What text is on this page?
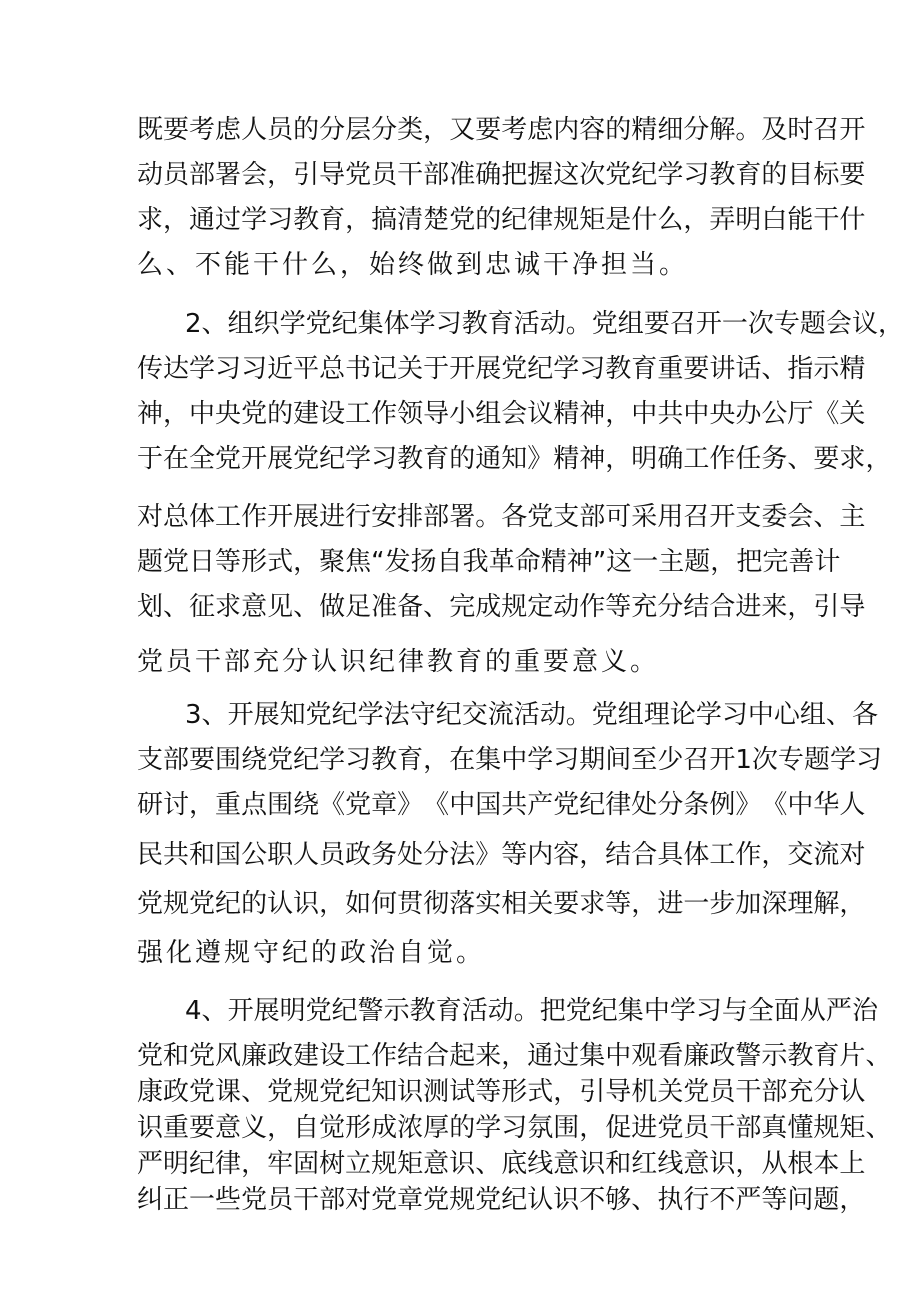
既 要 考 虑 人 员 的 分 层 分 类 ， 又 要 考 虑 内 容 的 精 细 分 解 。 及 时 召 开
动 员 部 署 会 ， 引 导 党 员 干 部 准 确 把 握 这 次 党 纪 学 习 教 育 的 目 标 要
求 ， 通 过 学 习 教 育 ， 搞 清 楚 党 的 纪 律 规 矩 是 什 么 ， 弄 明 白 能 干 什
么、不能干什么，始终做到忠诚干净担当。
2 、 组 织 学 党 纪 集 体 学 习 教 育 活 动 。 党 组 要 召 开 一 次 专 题 会 议 ，
传 达 学 习 习 近 平 总 书 记 关 于 开 展 党 纪 学 习 教 育 重 要 讲 话 、 指 示 精
神 ， 中 央 党 的 建 设 工 作 领 导 小 组 会 议 精 神 ， 中 共 中 央 办 公 厅 《 关
于 在 全 党 开 展 党 纪 学 习 教 育 的 通 知 》 精 神 ， 明 确 工 作 任 务 、 要 求 ，
对 总 体 工 作 开 展 进 行 安 排 部 署 。 各 党 支 部 可 采 用 召 开 支 委 会 、 主
题 党 日 等 形 式 ， 聚 焦 “ 发 扬 自 我 革 命 精 神 ” 这 一 主 题 ， 把 完 善 计
划 、 征 求 意 见 、 做 足 准 备 、 完 成 规 定 动 作 等 充 分 结 合 进 来 ， 引 导
党员干部充分认识纪律教育的重要意义。
3 、 开 展 知 党 纪 学 法 守 纪 交 流 活 动 。 党 组 理 论 学 习 中 心 组 、 各
支 部 要 围 绕 党 纪 学 习 教 育 ， 在 集 中 学 习 期 间 至 少 召 开 1 次 专 题 学 习
研 讨 ， 重 点 围 绕 《 党 章 》 《 中 国 共 产 党 纪 律 处 分 条 例 》 《 中 华 人
民 共 和 国 公 职 人 员 政 务 处 分 法 》 等 内 容 ， 结 合 具 体 工 作 ， 交 流 对
党 规 党 纪 的 认 识 ， 如 何 贯 彻 落 实 相 关 要 求 等 ， 进 一 步 加 深 理 解 ，
强化遵规守纪的政治自觉。
4 、 开 展 明 党 纪 警 示 教 育 活 动 。 把 党 纪 集 中 学 习 与 全 面 从 严 治
党 和 党 风 廉 政 建 设 工 作 结 合 起 来 ， 通 过 集 中 观 看 廉 政 警 示 教 育 片 、
康 政 党 课 、 党 规 党 纪 知 识 测 试 等 形 式 ， 引 导 机 关 党 员 干 部 充 分 认
识 重 要 意 义 ， 自 觉 形 成 浓 厚 的 学 习 氛 围 ， 促 进 党 员 干 部 真 懂 规 矩 、
严 明 纪 律 ， 牢 固 树 立 规 矩 意 识 、 底 线 意 识 和 红 线 意 识 ， 从 根 本 上
纠 正 一 些 党 员 干 部 对 党 章 党 规 党 纪 认 识 不 够 、 执 行 不 严 等 问 题 ，
